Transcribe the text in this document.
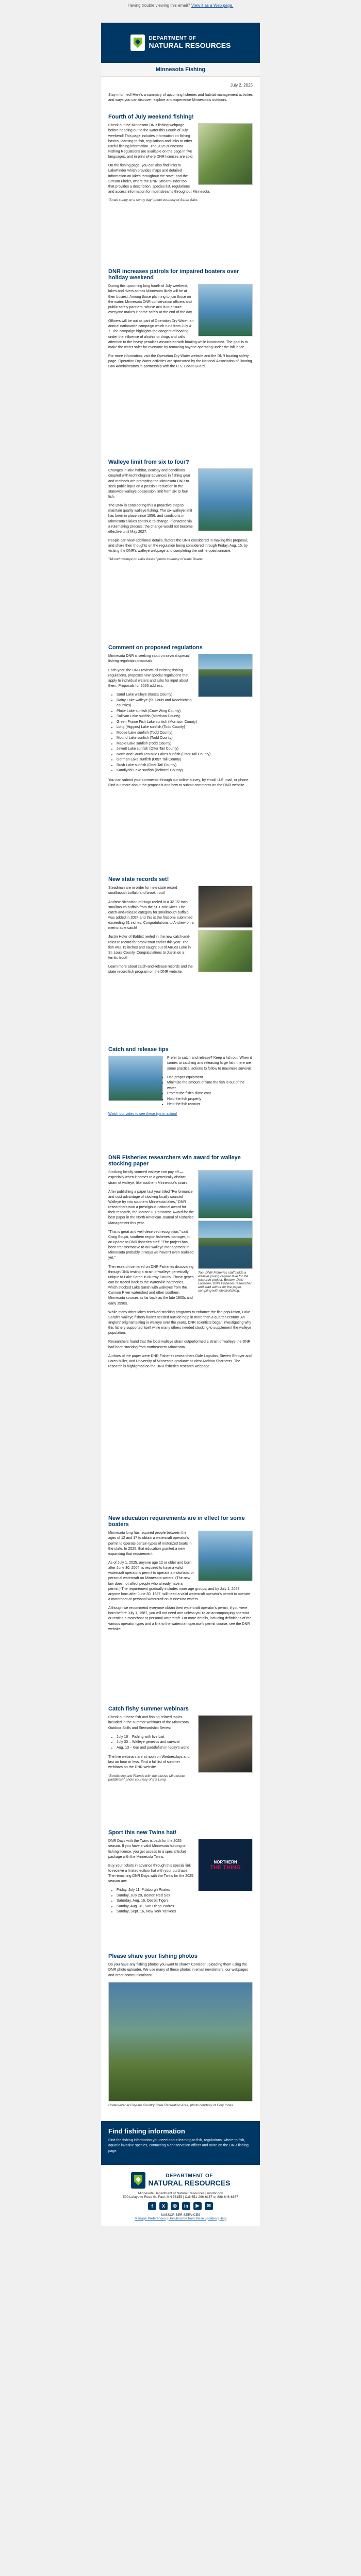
Having trouble viewing this email? View it as a Web page.
DEPARTMENT OF
NATURAL RESOURCES
Minnesota Fishing
July 2, 2025

Stay informed! Here's a summary of upcoming fisheries and habitat management activities and ways you can discover, explore and experience Minnesota's outdoors.

Fourth of July weekend fishing!

Check out the Minnesota DNR fishing webpage before heading out to the water this Fourth of July weekend! This page includes information on fishing basics, learning to fish, regulations and links to other useful fishing information. The 2025 Minnesota Fishing Regulations are available on the page in five languages, and in print where DNR licenses are sold.

On the fishing page, you can also find links to LakeFinder which provides maps and detailed information on lakes throughout the state, and the Stream Finder, where the DNR StreamFinder tool that provides a description, species list, regulations and access information for most streams throughout Minnesota.

"Small sunny on a sunny day" photo courtesy of Sarah Saks
DNR increases patrols for impaired boaters over holiday weekend

During this upcoming long fourth of July weekend, lakes and rivers across Minnesota likely will be at their busiest. Among those planning to join those on the water: Minnesota DNR conservation officers and public safety partners, whose aim is to ensure everyone makes it home safely at the end of the day.

Officers will be out as part of Operation Dry Water, an annual nationwide campaign which runs from July 4-7. The campaign highlights the dangers of boating under the influence of alcohol or drugs and calls attention to the heavy penalties associated with boating while intoxicated. The goal is to make the water safer for everyone by removing anyone operating under the influence.

For more information, visit the Operation Dry Water website and the DNR boating safety page. Operation Dry Water activities are sponsored by the National Association of Boating Law Administrators in partnership with the U.S. Coast Guard.

Walleye limit from six to four?

Changes in lake habitat, ecology and conditions coupled with technological advances in fishing gear and methods are prompting the Minnesota DNR to seek public input on a possible reduction in the statewide walleye possession limit from six to four fish.

The DNR is considering this a proactive step to maintain quality walleye fishing. The six-walleye limit has been in place since 1956, and conditions in Minnesota's lakes continue to change. If enacted via a rulemaking process, the change would not become effective until May 2027.

People can view additional details, factors the DNR considered in making this proposal, and share their thoughts on the regulation being considered through Friday, Aug. 15, by visiting the DNR's walleye webpage and completing the online questionnaire.

"18-inch walleye on Lake Itasca" photo courtesy of Katie Duane
Comment on proposed regulations

Minnesota DNR is seeking input on several special fishing regulation proposals.

Each year, the DNR reviews all existing fishing regulations, proposes new special regulations that apply to individual waters and asks for input about them. Proposals for 2026 address:

• Sand Lake walleye (Itasca County)
• Rainy Lake walleye (St. Louis and Koochiching counties)
• Platte Lake sunfish (Crow Wing County)
• Sullivan Lake sunfish (Morrison County)
• Green Prairie Fish Lake sunfish (Morrison County)
• Long (Higgins) Lake sunfish (Todd County)
• Moose Lake sunfish (Todd County)
• Mound Lake sunfish (Todd County)
• Maple Lake sunfish (Todd County)
• Jewett Lake sunfish (Otter Tail County)
• North and South Ten Mile Lakes sunfish (Otter Tail County)
• German Lake sunfish (Otter Tail County)
• Rush Lake sunfish (Otter Tail County)
• Kandiyohi Lake sunfish (Beltrami County)

You can submit your comments through our online survey, by email, U.S. mail, or phone. Find out more about the proposals and how to submit comments on the DNR website.

New state records set!

Steadman are in order for new state record smallmouth buffalo and brook trout!

Andrew Nicholson of Hugo reeled in a 32 1/2 inch smallmouth buffalo from the St. Croix River. The catch-and-release category for smallmouth buffalo was added in 2024 and this is the first one submitted exceeding 31 inches. Congratulations to Andrew on a memorable catch!

Justin Hofer of Babbitt reeled in the new catch-and-release record for brook trout earlier this year. The fish was 19 inches and caught out of Arrues Lake in St. Louis County. Congratulations to Justin on a terrific trout!

Learn more about catch-and-release records and the state record fish program on the DNR website.

Catch and release tips

Prefer to catch and release? Keep a fish out! When it comes to catching and releasing large fish, there are some practical actions to follow to maximize survival:

• Use proper equipment
• Minimize the amount of time the fish is out of the water
• Protect the fish's slime coat
• Hold the fish properly
• Help the fish recover

Watch our video to see these tips in action!

DNR Fisheries researchers win award for walleye stocking paper
Top: DNR Fisheries staff holds a walleye young-of-year lake for the research project. Bottom, Dale Logsdon, DNR Fisheries researcher and lead author for the paper, sampling with electrofishing.

Stocking locally sourced walleye can pay off — especially when it comes to a genetically distinct strain of walleye, like southern Minnesota's strain.

After publishing a paper last year titled "Performance and cost advantage of stocking locally sourced Walleye fry into southern Minnesota lakes," DNR researchers won a prestigious national award for their research, the Mercer H. Patriarche Award for the best paper in the North American Journal of Fisheries Management this year.

"This is great and well-deserved recognition," said Craig Soupir, southern region fisheries manager, in an update to DNR fisheries staff. "The project has been transformative to our walleye management in Minnesota probably in ways we haven't even realized yet."

The research centered on DNR Fisheries discovering through DNA testing a strain of walleye genetically unique to Lake Sarah in Murray County. Those genes can be traced back to the Waterville hatcheries, which stocked Lake Sarah with walleyes from the Cannon River watershed and other southern Minnesota sources as far back as the late 1900s and early 1990s.

While many other lakes received stocking programs to enhance the fish population, Lake Sarah's walleye fishery hadn't needed outside help in more than a quarter-century. An anglers' original testing in walleye over the years, DNR scientists began investigating why this fishery supported itself while many others needed stocking to supplement the walleye population.

Researchers found that the local walleye strain outperformed a strain of walleye the DNR had been stocking from northeastern Minnesota.

Authors of the paper were DNR Fisheries researchers Dale Logsdon, Steven Shroyer and Loren Miller, and University of Minnesota graduate student Andrian Sharnetzs. The research is highlighted on the DNR fisheries research webpage.

New education requirements are in effect for some boaters

Minnesota long has required people between the ages of 12 and 17 to obtain a watercraft operator's permit to operate certain types of motorized boats in the state. In 2025, that education granted a new expanding that requirement.

As of July 1, 2025, anyone age 12 or older and born after June 30, 2004, is required to have a valid watercraft operator's permit to operate a motorboat or personal watercraft on Minnesota waters. (The new law does not affect people who already have a permit.) The requirement gradually includes more age groups, and by July 1, 2028, anyone born after June 30, 1987, will need a valid watercraft operator's permit to operate a motorboat or personal watercraft on Minnesota waters.

Although we recommend everyone obtain their watercraft operator's permit, if you were born before July 1, 1987, you will not need one unless you're an accompanying operator or renting a motorboat or personal watercraft. For more details, including definitions of the various operator types and a link to the watercraft operator's permit course, see the DNR website.

Catch fishy summer webinars

Check out these fish and fishing-related topics included in the summer webinars of the Minnesota Outdoor Skills and Stewardship Series:

• July 16 – Fishing with live bait
• July 30 – Walleye genetics and survival
• Aug. 13 – Gar and paddlefish in today's world

The live webinars are at noon on Wednesdays and last an hour or less. Find a full list of summer webinars on the DNR website.

"Bowfishing and Friends with the elusive Minnesota paddlefish" photo courtesy of Ela Long
Sport this new Twins hat!
NORTHERN
THE THING

DNR Days with the Twins is back for the 2025 season. If you have a valid Minnesota hunting or fishing license, you get access to a special ticket package with the Minnesota Twins.

Buy your tickets in advance through this special link to receive a limited edition hat with your purchase. The remaining DNR Days with the Twins for the 2025 season are:

• Friday, July 11, Pittsburgh Pirates
• Sunday, July 29, Boston Red Sox
• Saturday, Aug. 16, Detroit Tigers
• Sunday, Aug. 31, San Diego Padres
• Sunday, Sept. 16, New York Yankees
Please share your fishing photos

Do you have any fishing photos you want to share? Consider uploading them using the DNR photo uploader. We use many of these photos in email newsletters, our webpages and other communications!

Underwater at Cuyuna Country State Recreation Area; photo courtesy of Cory Innes
Find fishing information

Find the fishing information you need about learning to fish, regulations, where to fish, aquatic invasive species, contacting a conservation officer and more on the DNR fishing page.

DEPARTMENT OF
NATURAL RESOURCES
Minnesota Department of Natural Resources | mndnr.gov
500 Lafayette Road St. Paul, MN 55155 | Call 651-296-6157 or 888-646-6367
f	X	◎	in	▶	✉
SUBSCRIBER SERVICES
Manage Preferences | Unsubscribe from these updates | Help
